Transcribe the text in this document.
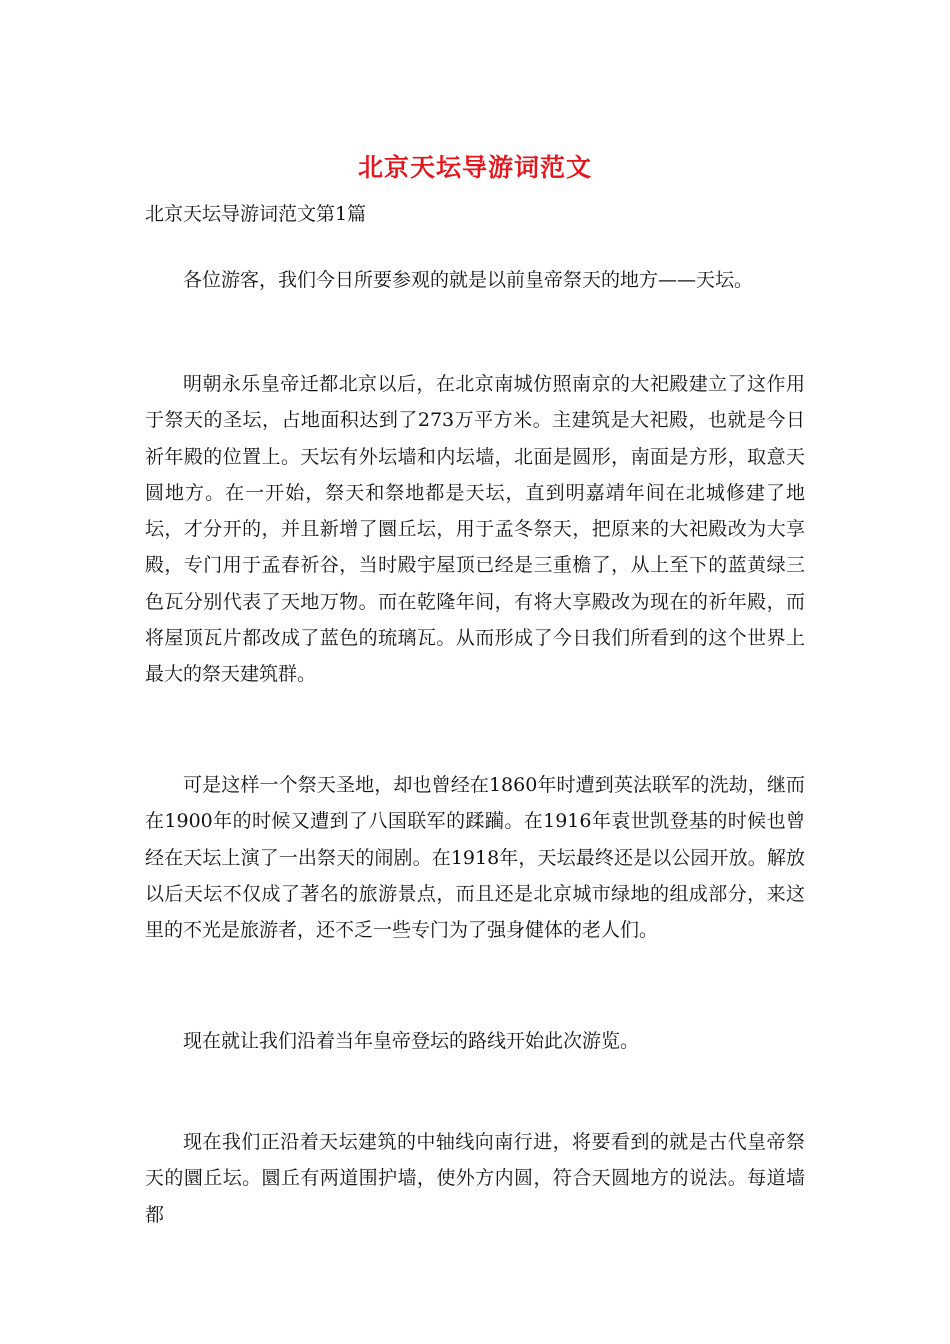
北京天坛导游词范文
北京天坛导游词范文第1篇

各位游客，我们今日所要参观的就是以前皇帝祭天的地方——天坛。

明朝永乐皇帝迁都北京以后，在北京南城仿照南京的大祀殿建立了这作用于祭天的圣坛，占地面积达到了273万平方米。主建筑是大祀殿，也就是今日祈年殿的位置上。天坛有外坛墙和内坛墙，北面是圆形，南面是方形，取意天圆地方。在一开始，祭天和祭地都是天坛，直到明嘉靖年间在北城修建了地坛，才分开的，并且新增了圜丘坛，用于孟冬祭天，把原来的大祀殿改为大享殿，专门用于孟春祈谷，当时殿宇屋顶已经是三重檐了，从上至下的蓝黄绿三色瓦分别代表了天地万物。而在乾隆年间，有将大享殿改为现在的祈年殿，而将屋顶瓦片都改成了蓝色的琉璃瓦。从而形成了今日我们所看到的这个世界上最大的祭天建筑群。

可是这样一个祭天圣地，却也曾经在1860年时遭到英法联军的洗劫，继而在1900年的时候又遭到了八国联军的蹂躏。在1916年袁世凯登基的时候也曾经在天坛上演了一出祭天的闹剧。在1918年，天坛最终还是以公园开放。解放以后天坛不仅成了著名的旅游景点，而且还是北京城市绿地的组成部分，来这里的不光是旅游者，还不乏一些专门为了强身健体的老人们。

现在就让我们沿着当年皇帝登坛的路线开始此次游览。

现在我们正沿着天坛建筑的中轴线向南行进，将要看到的就是古代皇帝祭天的圜丘坛。圜丘有两道围护墙，使外方内圆，符合天圆地方的说法。每道墙都
